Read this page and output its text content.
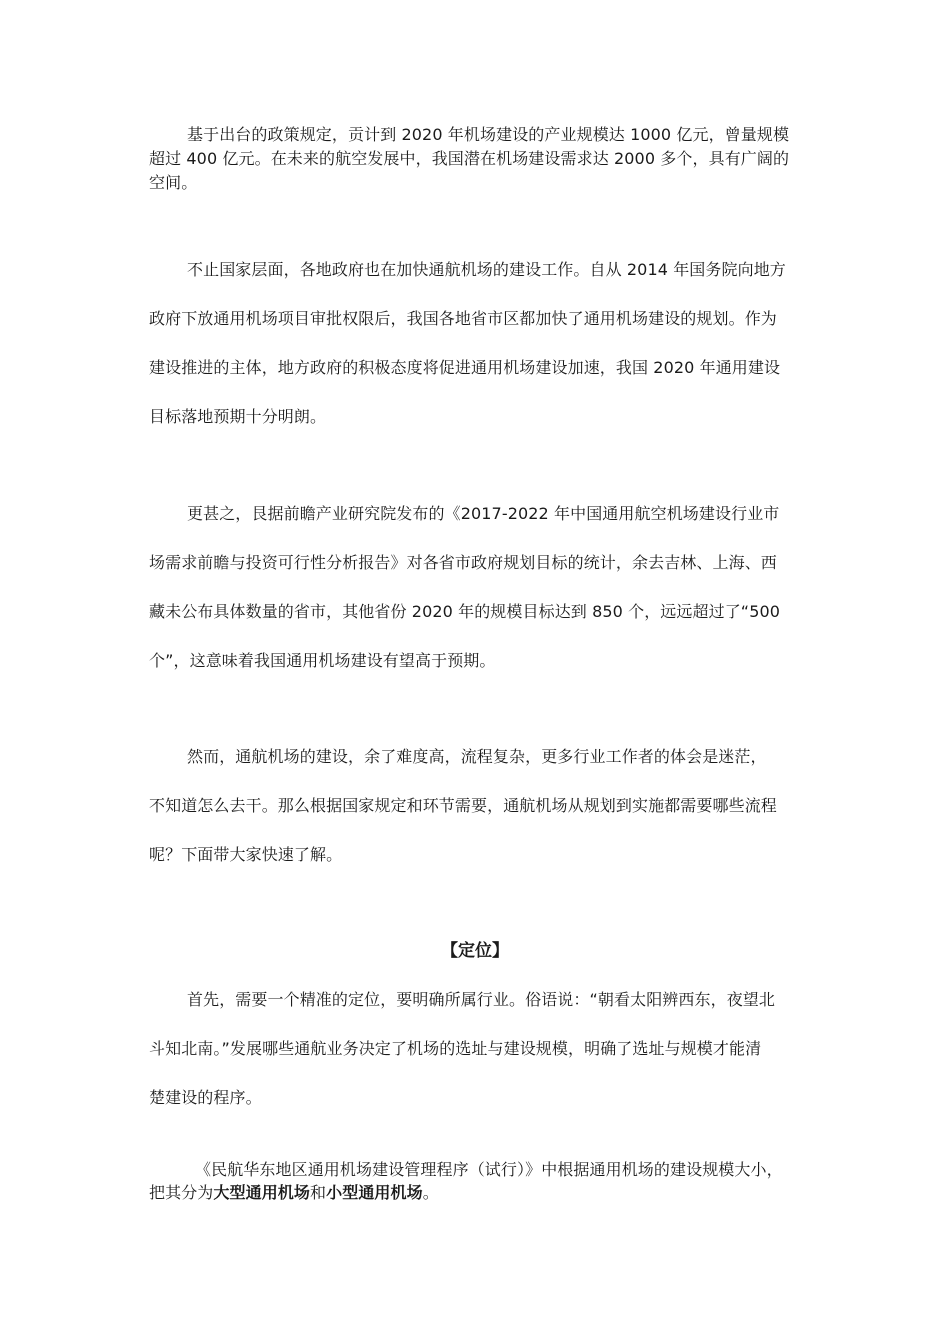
基于出台的政策规定，贡计到 2020 年机场建设的产业规模达 1000 亿元，曾量规模
超过 400 亿元。在未来的航空发展中，我国潜在机场建设需求达 2000 多个，具有广阔的
空间。
不止国家层面，各地政府也在加快通航机场的建设工作。自从 2014 年国务院向地方
政府下放通用机场项目审批权限后，我国各地省市区都加快了通用机场建设的规划。作为
建设推进的主体，地方政府的积极态度将促进通用机场建设加速，我国 2020 年通用建设
目标落地预期十分明朗。
更甚之，艮据前瞻产业研究院发布的《2017-2022 年中国通用航空机场建设行业市
场需求前瞻与投资可行性分析报告》对各省市政府规划目标的统计，余去吉林、上海、西
藏未公布具体数量的省市，其他省份 2020 年的规模目标达到 850 个，远远超过了“500
个”，这意味着我国通用机场建设有望高于预期。
然而，通航机场的建设，余了难度高，流程复杂，更多行业工作者的体会是迷茫，
不知道怎么去干。那么根据国家规定和环节需要，通航机场从规划到实施都需要哪些流程
呢？下面带大家快速了解。
【定位】
首先，需要一个精准的定位，要明确所属行业。俗语说：“朝看太阳辨西东，夜望北
斗知北南。”发展哪些通航业务决定了机场的选址与建设规模，明确了选址与规模才能清
楚建设的程序。
《民航华东地区通用机场建设管理程序（试行）》中根据通用机场的建设规模大小，
把其分为大型通用机场和小型通用机场。
